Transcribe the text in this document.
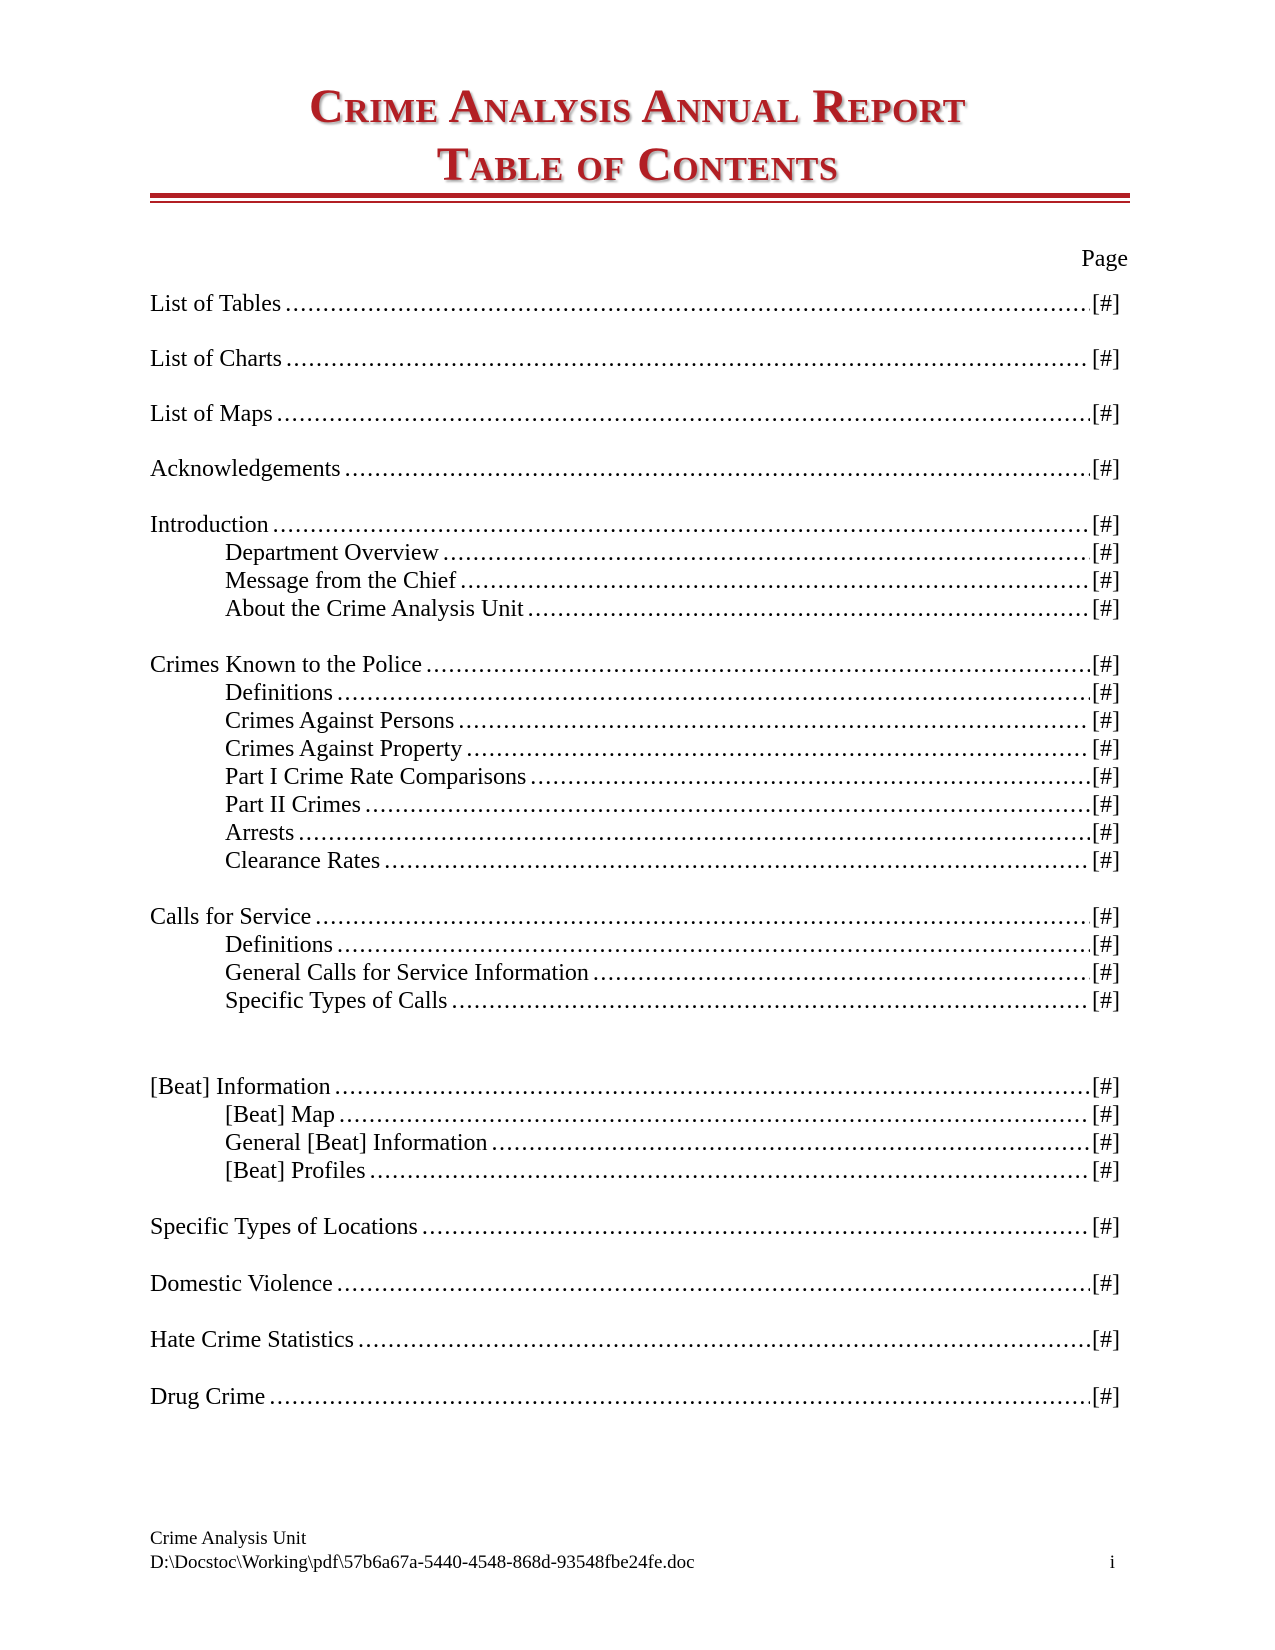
Crime Analysis Annual Report
Table of Contents
Page
List of Tables .....	[#]
List of Charts .....	[#]
List of Maps .....	[#]
Acknowledgements .....	[#]
Introduction .....	[#]
Department Overview .....	[#]
Message from the Chief .....	[#]
About the Crime Analysis Unit .....	[#]
Crimes Known to the Police .....	[#]
Definitions .....	[#]
Crimes Against Persons .....	[#]
Crimes Against Property .....	[#]
Part I Crime Rate Comparisons .....	[#]
Part II Crimes .....	[#]
Arrests .....	[#]
Clearance Rates .....	[#]
Calls for Service .....	[#]
Definitions .....	[#]
General Calls for Service Information .....	[#]
Specific Types of Calls .....	[#]
[Beat] Information .....	[#]
[Beat] Map .....	[#]
General [Beat] Information .....	[#]
[Beat] Profiles .....	[#]
Specific Types of Locations .....	[#]
Domestic Violence .....	[#]
Hate Crime Statistics .....	[#]
Drug Crime .....	[#]
Crime Analysis Unit
D:\Docstoc\Working\pdf\57b6a67a-5440-4548-868d-93548fbe24fe.doc	i
